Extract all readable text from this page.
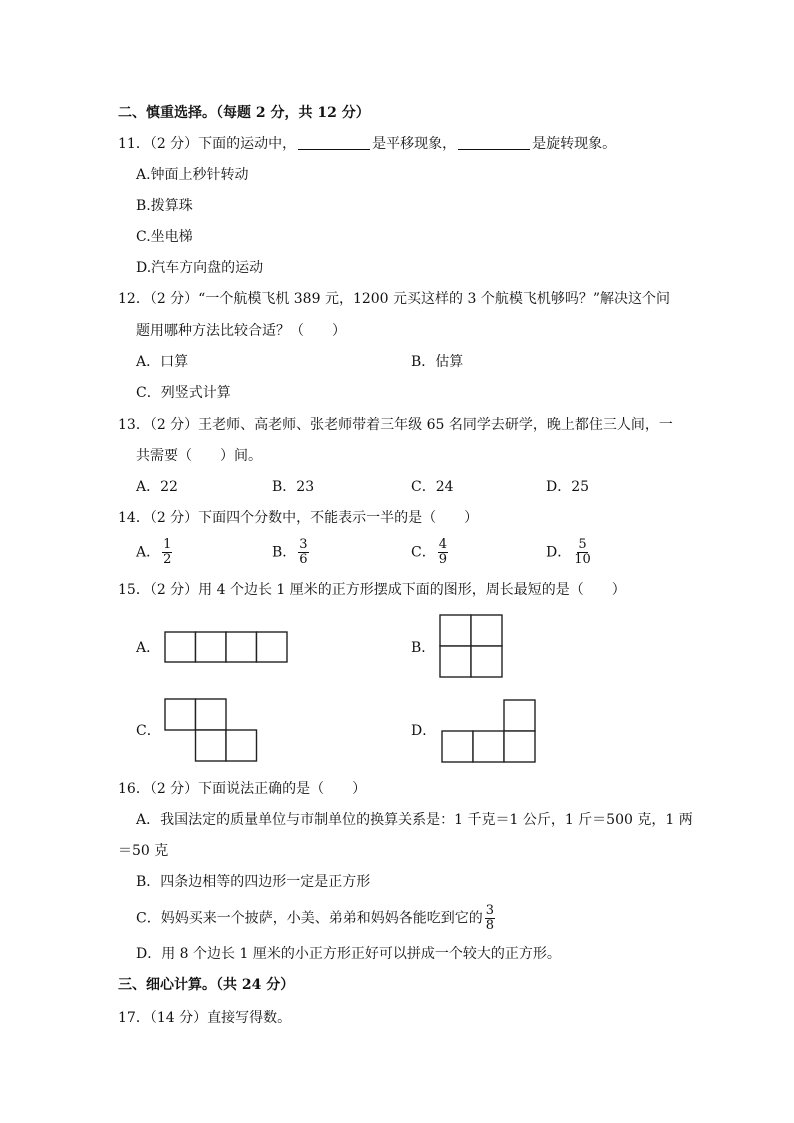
二、慎重选择。（每题 2 分，共 12 分）
11．（2 分）下面的运动中，	是平移现象，	是旋转现象。
A.钟面上秒针转动
B.拨算珠
C.坐电梯
D.汽车方向盘的运动
12．（2 分）“一个航模飞机 389 元，1200 元买这样的 3 个航模飞机够吗？”解决这个问
题用哪种方法比较合适？（　　）
A．口算	B．估算
C．列竖式计算
13．（2 分）王老师、高老师、张老师带着三年级 65 名同学去研学，晚上都住三人间，一
共需要（　　）间。
A．22	B．23	C．24	D．25
14．（2 分）下面四个分数中，不能表示一半的是（　　）
A． $\frac{1}{2}$	B． $\frac{3}{6}$	C． $\frac{4}{9}$	D． $\frac{5}{10}$
15．（2 分）用 4 个边长 1 厘米的正方形摆成下面的图形，周长最短的是（　　）
A．	B．
C．	D．
16．（2 分）下面说法正确的是（　　）
A．我国法定的质量单位与市制单位的换算关系是：1 千克＝1 公斤，1 斤＝500 克，1 两
＝50 克
B．四条边相等的四边形一定是正方形
C．妈妈买来一个披萨，小美、弟弟和妈妈各能吃到它的 $\frac{3}{8}$
D．用 8 个边长 1 厘米的小正方形正好可以拼成一个较大的正方形。
三、细心计算。（共 24 分）
17．（14 分）直接写得数。
